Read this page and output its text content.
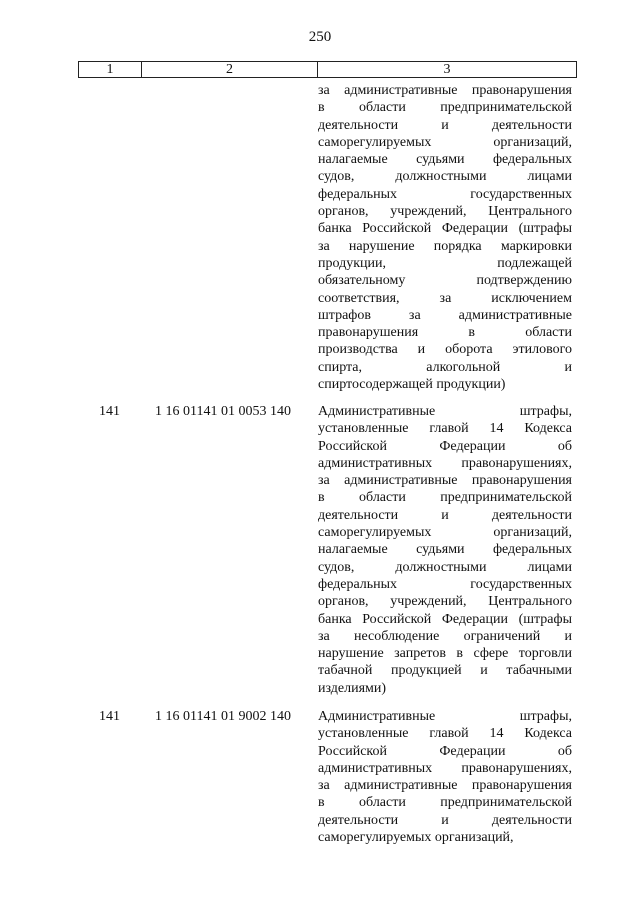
250
1	2	3
за административные правонарушения
в области предпринимательской
деятельности и деятельности
саморегулируемых организаций,
налагаемые судьями федеральных
судов, должностными лицами
федеральных государственных
органов, учреждений, Центрального
банка Российской Федерации (штрафы
за нарушение порядка маркировки
продукции, подлежащей
обязательному подтверждению
соответствия, за исключением
штрафов за административные
правонарушения в области
производства и оборота этилового
спирта, алкогольной и
спиртосодержащей продукции)
141	1 16 01141 01 0053 140	Административные штрафы,
установленные главой 14 Кодекса
Российской Федерации об
административных правонарушениях,
за административные правонарушения
в области предпринимательской
деятельности и деятельности
саморегулируемых организаций,
налагаемые судьями федеральных
судов, должностными лицами
федеральных государственных
органов, учреждений, Центрального
банка Российской Федерации (штрафы
за несоблюдение ограничений и
нарушение запретов в сфере торговли
табачной продукцией и табачными
изделиями)
141	1 16 01141 01 9002 140	Административные штрафы,
установленные главой 14 Кодекса
Российской Федерации об
административных правонарушениях,
за административные правонарушения
в области предпринимательской
деятельности и деятельности
саморегулируемых организаций,
